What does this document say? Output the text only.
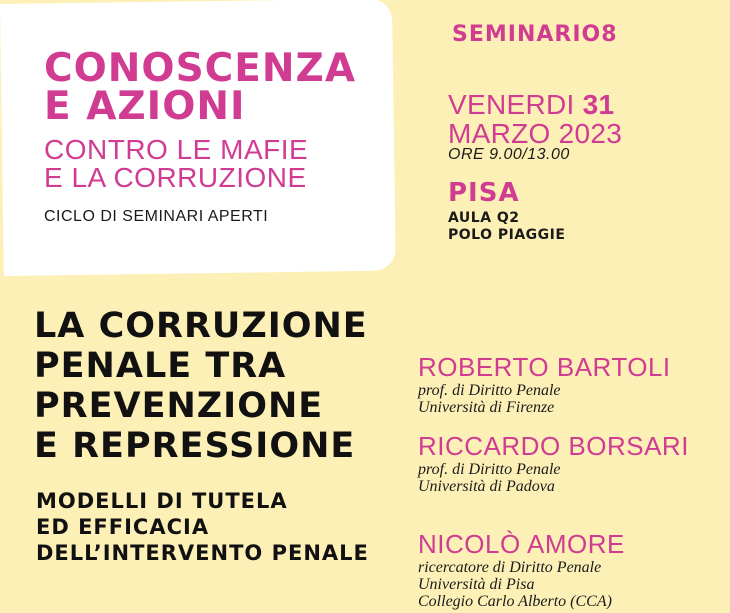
CONOSCENZA
E AZIONI
CONTRO LE MAFIE
E LA CORRUZIONE
CICLO DI SEMINARI APERTI
SEMINARIO8
VENERDI 31
MARZO 2023
ORE 9.00/13.00
PISA
AULA Q2
POLO PIAGGIE
LA CORRUZIONE
PENALE TRA
PREVENZIONE
E REPRESSIONE
MODELLI DI TUTELA
ED EFFICACIA
DELL’INTERVENTO PENALE
ROBERTO BARTOLI
prof. di Diritto Penale
Università di Firenze
RICCARDO BORSARI
prof. di Diritto Penale
Università di Padova
NICOLÒ AMORE
ricercatore di Diritto Penale
Università di Pisa
Collegio Carlo Alberto (CCA)
